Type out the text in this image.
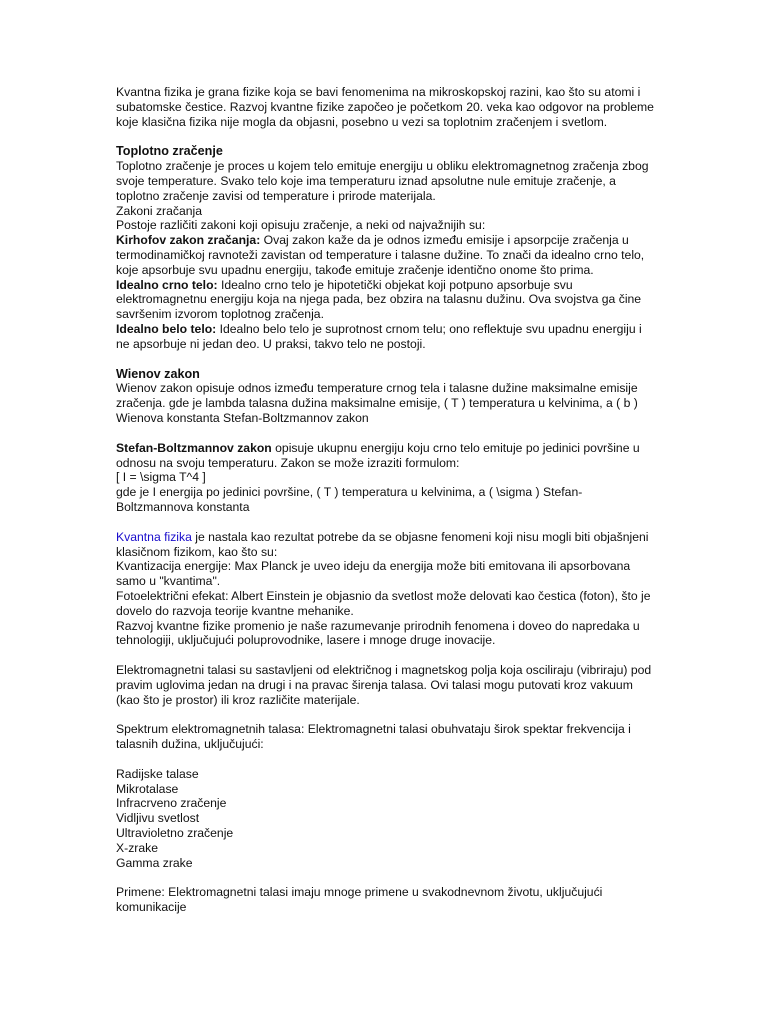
Kvantna fizika je grana fizike koja se bavi fenomenima na mikroskopskoj razini, kao što su atomi i subatomske čestice. Razvoj kvantne fizike započeo je početkom 20. veka kao odgovor na probleme koje klasična fizika nije mogla da objasni, posebno u vezi sa toplotnim zračenjem i svetlom.

Toplotno zračenje

Toplotno zračenje je proces u kojem telo emituje energiju u obliku elektromagnetnog zračenja zbog svoje temperature. Svako telo koje ima temperaturu iznad apsolutne nule emituje zračenje, a toplotno zračenje zavisi od temperature i prirode materijala.

Zakoni zračanja

Postoje različiti zakoni koji opisuju zračenje, a neki od najvažnijih su:

Kirhofov zakon zračanja: Ovaj zakon kaže da je odnos između emisije i apsorpcije zračenja u termodinamičkoj ravnoteži zavistan od temperature i talasne dužine. To znači da idealno crno telo, koje apsorbuje svu upadnu energiju, takođe emituje zračenje identično onome što prima.

Idealno crno telo: Idealno crno telo je hipotetički objekat koji potpuno apsorbuje svu elektromagnetnu energiju koja na njega pada, bez obzira na talasnu dužinu. Ova svojstva ga čine savršenim izvorom toplotnog zračenja.

Idealno belo telo: Idealno belo telo je suprotnost crnom telu; ono reflektuje svu upadnu energiju i ne apsorbuje ni jedan deo. U praksi, takvo telo ne postoji.

Wienov zakon

Wienov zakon opisuje odnos između temperature crnog tela i talasne dužine maksimalne emisije zračenja. gde je lambda talasna dužina maksimalne emisije, ( T ) temperatura u kelvinima, a ( b ) Wienova konstanta Stefan-Boltzmannov zakon

Stefan-Boltzmannov zakon opisuje ukupnu energiju koju crno telo emituje po jedinici površine u odnosu na svoju temperaturu. Zakon se može izraziti formulom:

[ I = \sigma T^4 ]

gde je I energija po jedinici površine, ( T ) temperatura u kelvinima, a ( \sigma ) Stefan-Boltzmannova konstanta

Kvantna fizika je nastala kao rezultat potrebe da se objasne fenomeni koji nisu mogli biti objašnjeni klasičnom fizikom, kao što su:

Kvantizacija energije: Max Planck je uveo ideju da energija može biti emitovana ili apsorbovana samo u "kvantima".

Fotoelektrični efekat: Albert Einstein je objasnio da svetlost može delovati kao čestica (foton), što je dovelo do razvoja teorije kvantne mehanike.

Razvoj kvantne fizike promenio je naše razumevanje prirodnih fenomena i doveo do napredaka u tehnologiji, uključujući poluprovodnike, lasere i mnoge druge inovacije.

Elektromagnetni talasi su sastavljeni od električnog i magnetskog polja koja osciliraju (vibriraju) pod pravim uglovima jedan na drugi i na pravac širenja talasa. Ovi talasi mogu putovati kroz vakuum (kao što je prostor) ili kroz različite materijale.

Spektrum elektromagnetnih talasa: Elektromagnetni talasi obuhvataju širok spektar frekvencija i talasnih dužina, uključujući:

Radijske talase

Mikrotalase

Infracrveno zračenje

Vidljivu svetlost

Ultravioletno zračenje

X-zrake

Gamma zrake

Primene: Elektromagnetni talasi imaju mnoge primene u svakodnevnom životu, uključujući komunikacije
